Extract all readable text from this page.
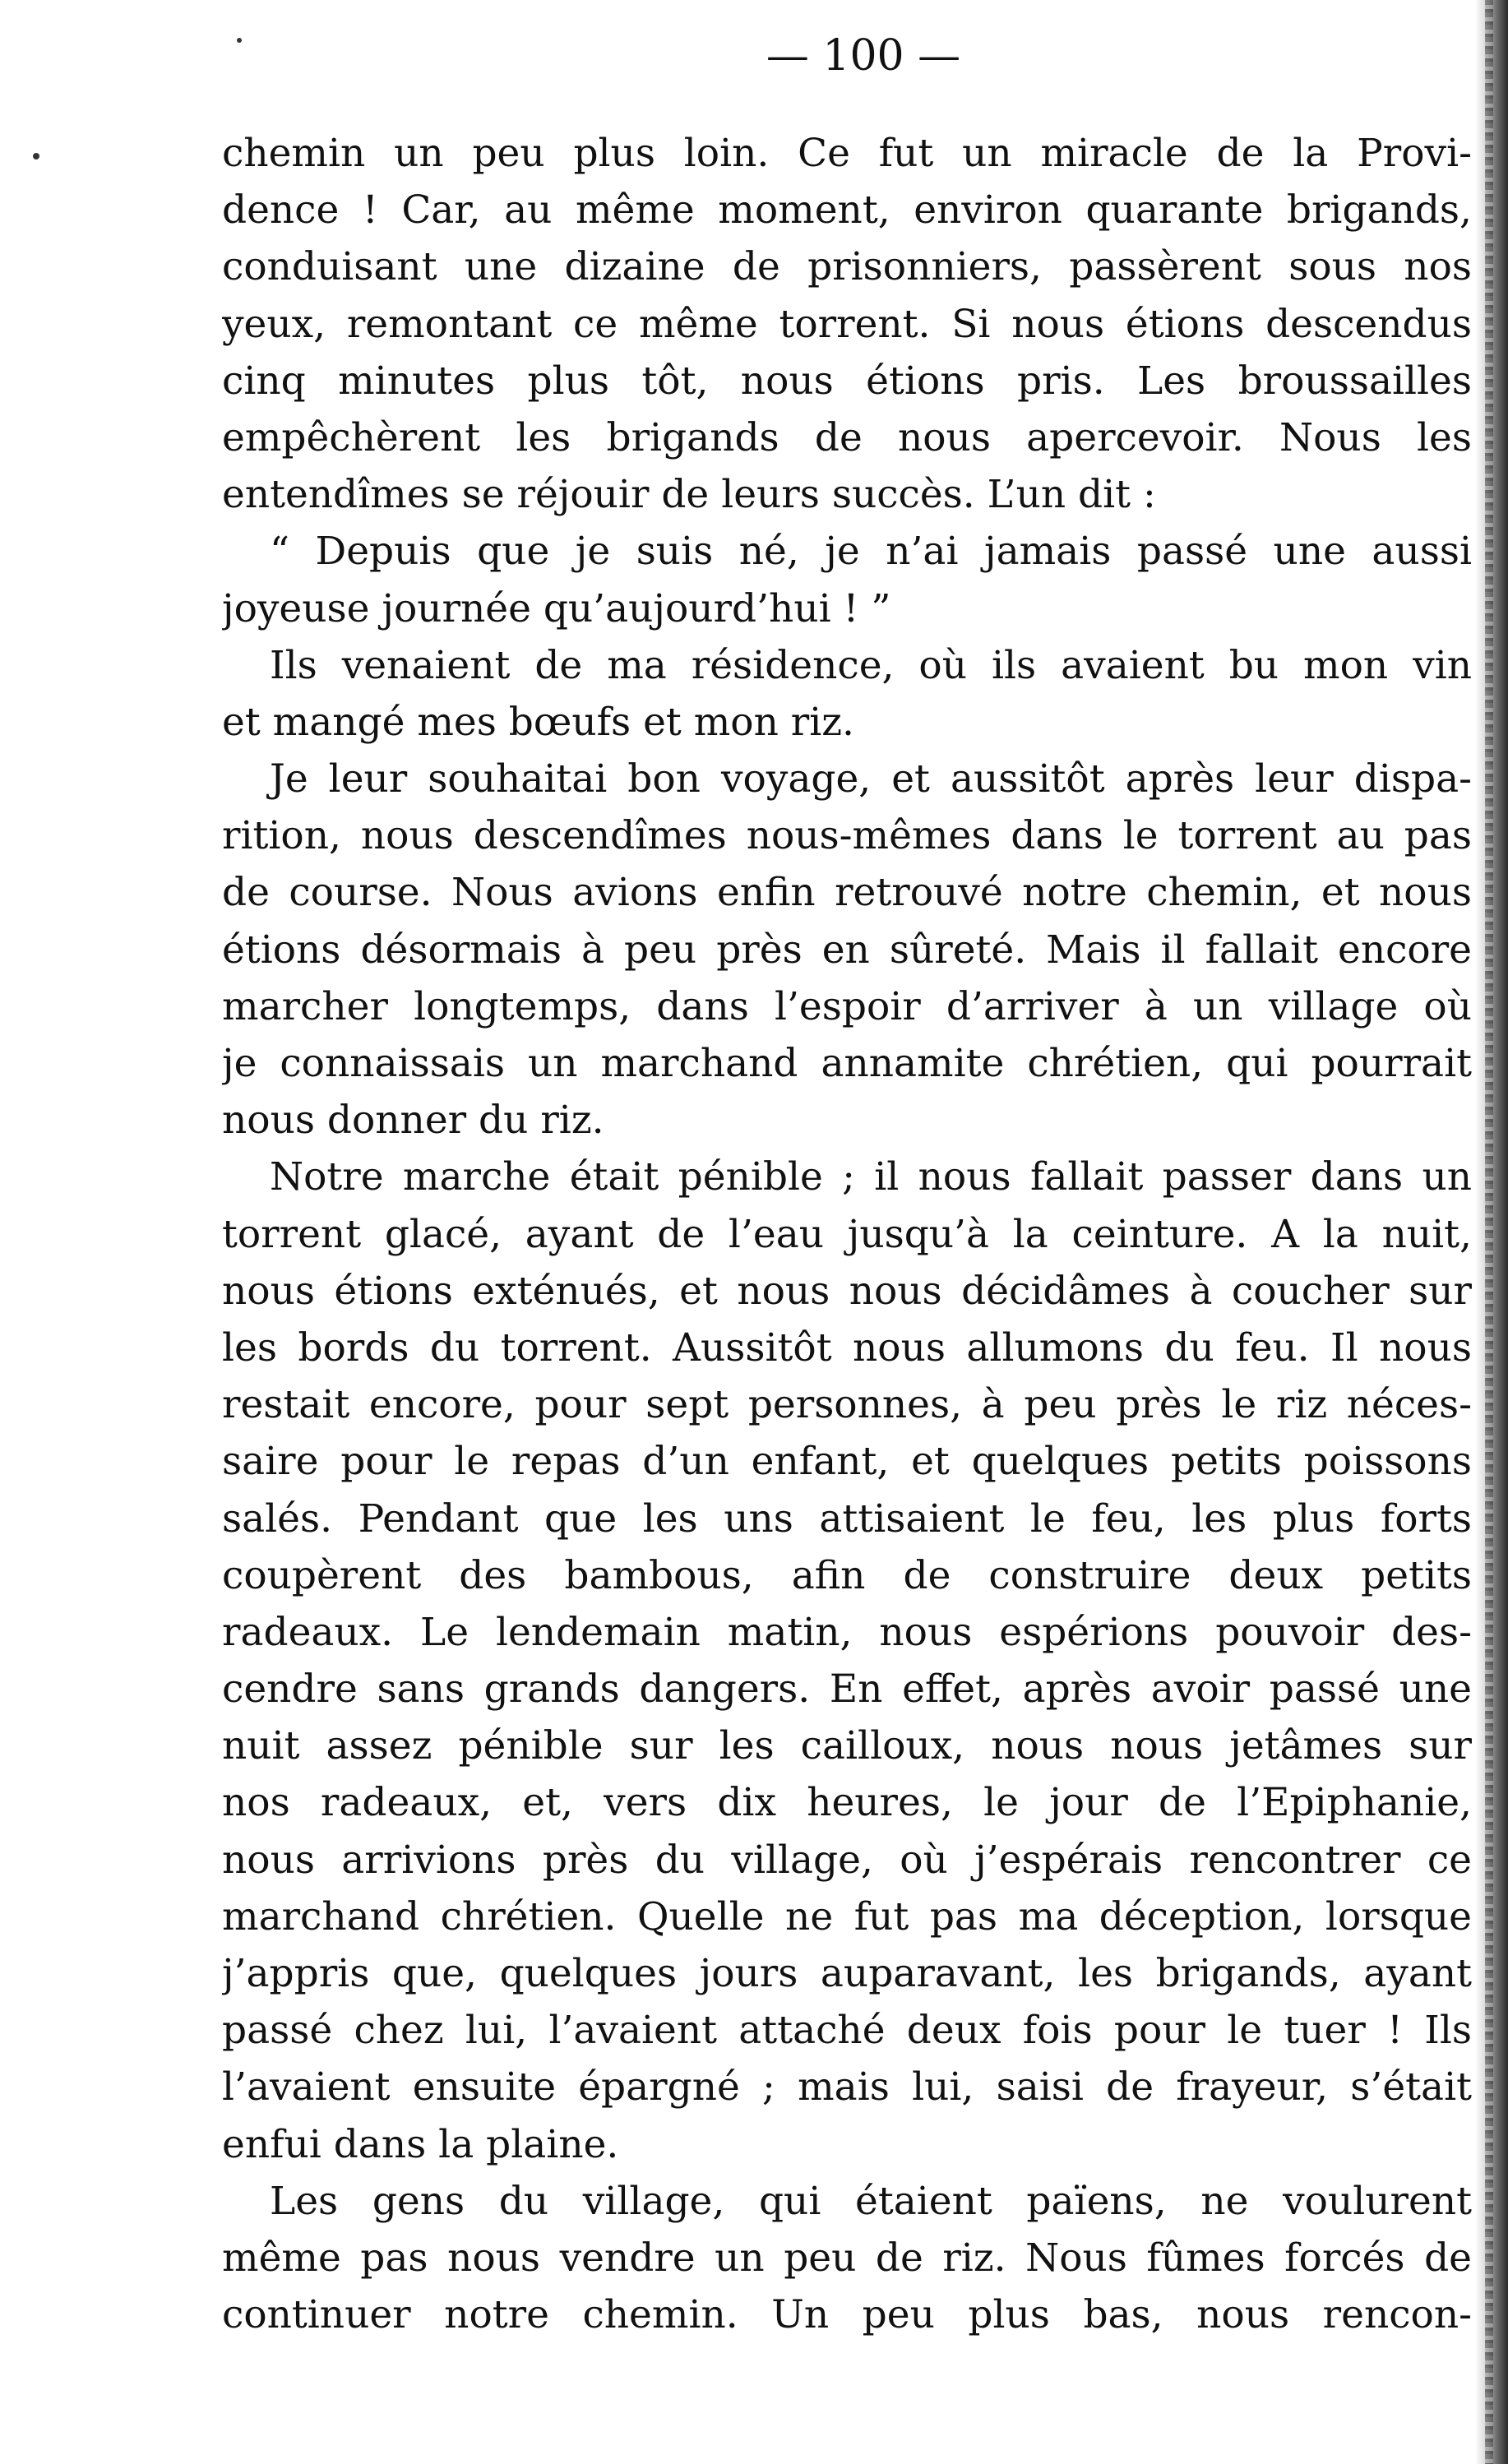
— 100 —
chemin un peu plus loin. Ce fut un miracle de la Provi-
dence ! Car, au même moment, environ quarante brigands,
conduisant une dizaine de prisonniers, passèrent sous nos
yeux, remontant ce même torrent. Si nous étions descendus
cinq minutes plus tôt, nous étions pris. Les broussailles
empêchèrent les brigands de nous apercevoir. Nous les
entendîmes se réjouir de leurs succès. L’un dit :
“ Depuis que je suis né, je n’ai jamais passé une aussi
joyeuse journée qu’aujourd’hui ! ”
Ils venaient de ma résidence, où ils avaient bu mon vin
et mangé mes bœufs et mon riz.
Je leur souhaitai bon voyage, et aussitôt après leur dispa-
rition, nous descendîmes nous-mêmes dans le torrent au pas
de course. Nous avions enfin retrouvé notre chemin, et nous
étions désormais à peu près en sûreté. Mais il fallait encore
marcher longtemps, dans l’espoir d’arriver à un village où
je connaissais un marchand annamite chrétien, qui pourrait
nous donner du riz.
Notre marche était pénible ; il nous fallait passer dans un
torrent glacé, ayant de l’eau jusqu’à la ceinture. A la nuit,
nous étions exténués, et nous nous décidâmes à coucher sur
les bords du torrent. Aussitôt nous allumons du feu. Il nous
restait encore, pour sept personnes, à peu près le riz néces-
saire pour le repas d’un enfant, et quelques petits poissons
salés. Pendant que les uns attisaient le feu, les plus forts
coupèrent des bambous, afin de construire deux petits
radeaux. Le lendemain matin, nous espérions pouvoir des-
cendre sans grands dangers. En effet, après avoir passé une
nuit assez pénible sur les cailloux, nous nous jetâmes sur
nos radeaux, et, vers dix heures, le jour de l’Epiphanie,
nous arrivions près du village, où j’espérais rencontrer ce
marchand chrétien. Quelle ne fut pas ma déception, lorsque
j’appris que, quelques jours auparavant, les brigands, ayant
passé chez lui, l’avaient attaché deux fois pour le tuer ! Ils
l’avaient ensuite épargné ; mais lui, saisi de frayeur, s’était
enfui dans la plaine.
Les gens du village, qui étaient païens, ne voulurent
même pas nous vendre un peu de riz. Nous fûmes forcés de
continuer notre chemin. Un peu plus bas, nous rencon-
